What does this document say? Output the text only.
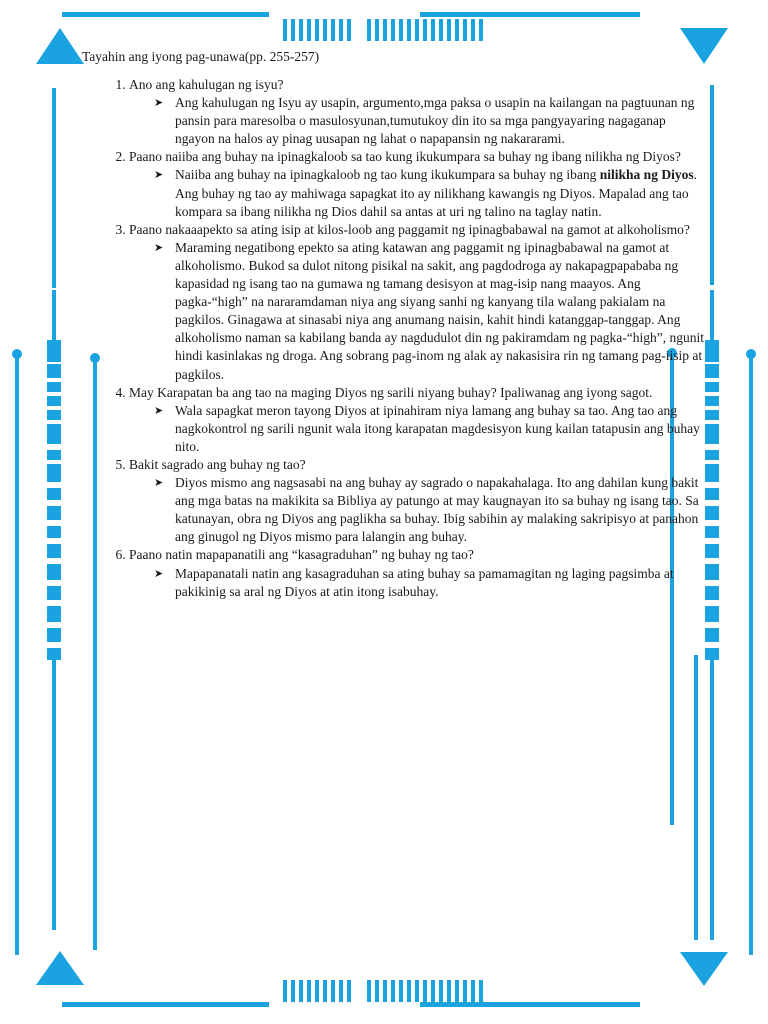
Tayahin ang iyong pag-unawa(pp. 255-257)
1. Ano ang kahulugan ng isyu?
➤ Ang kahulugan ng Isyu ay usapin, argumento,mga paksa o usapin na kailangan na pagtuunan ng pansin para maresolba o masulosyunan,tumutukoy din ito sa mga pangyayaring nagaganap ngayon na halos ay pinag uusapan ng lahat o napapansin ng nakararami.

2. Paano naiiba ang buhay na ipinagkaloob sa tao kung ikukumpara sa buhay ng ibang nilikha ng Diyos?
➤ Naiiba ang buhay na ipinagkaloob ng tao kung ikukumpara sa buhay ng ibang nilikha ng Diyos. Ang buhay ng tao ay mahiwaga sapagkat ito ay nilikhang kawangis ng Diyos. Mapalad ang tao kompara sa ibang nilikha ng Dios dahil sa antas at uri ng talino na taglay natin.

3. Paano nakaaapekto sa ating isip at kilos-loob ang paggamit ng ipinagbabawal na gamot at alkoholismo?
➤ Maraming negatibong epekto sa ating katawan ang paggamit ng ipinagbabawal na gamot at alkoholismo. Bukod sa dulot nitong pisikal na sakit, ang pagdodroga ay nakapagpapababa ng kapasidad ng isang tao na gumawa ng tamang desisyon at mag-isip nang maayos. Ang pagka-“high” na nararamdaman niya ang siyang sanhi ng kanyang tila walang pakialam na pagkilos. Ginagawa at sinasabi niya ang anumang naisin, kahit hindi katanggap-tanggap. Ang alkoholismo naman sa kabilang banda ay nagdudulot din ng pakiramdam ng pagka-“high”, ngunit hindi kasinlakas ng droga. Ang sobrang pag-inom ng alak ay nakasisira rin ng tamang pag-iisip at pagkilos.

4. May Karapatan ba ang tao na maging Diyos ng sarili niyang buhay? Ipaliwanag ang iyong sagot.
➤ Wala sapagkat meron tayong Diyos at ipinahiram niya lamang ang buhay sa tao. Ang tao ang nagkokontrol ng sarili ngunit wala itong karapatan magdesisyon kung kailan tatapusin ang buhay nito.

5. Bakit sagrado ang buhay ng tao?
➤ Diyos mismo ang nagsasabi na ang buhay ay sagrado o napakahalaga. Ito ang dahilan kung bakit ang mga batas na makikita sa Bibliya ay patungo at may kaugnayan ito sa buhay ng isang tao. Sa katunayan, obra ng Diyos ang paglikha sa buhay. Ibig sabihin ay malaking sakripisyo at panahon ang ginugol ng Diyos mismo para lalangin ang buhay.

6. Paano natin mapapanatili ang “kasagraduhan” ng buhay ng tao?
➤ Mapapanatali natin ang kasagraduhan sa ating buhay sa pamamagitan ng laging pagsimba at pakikinig sa aral ng Diyos at atin itong isabuhay.
